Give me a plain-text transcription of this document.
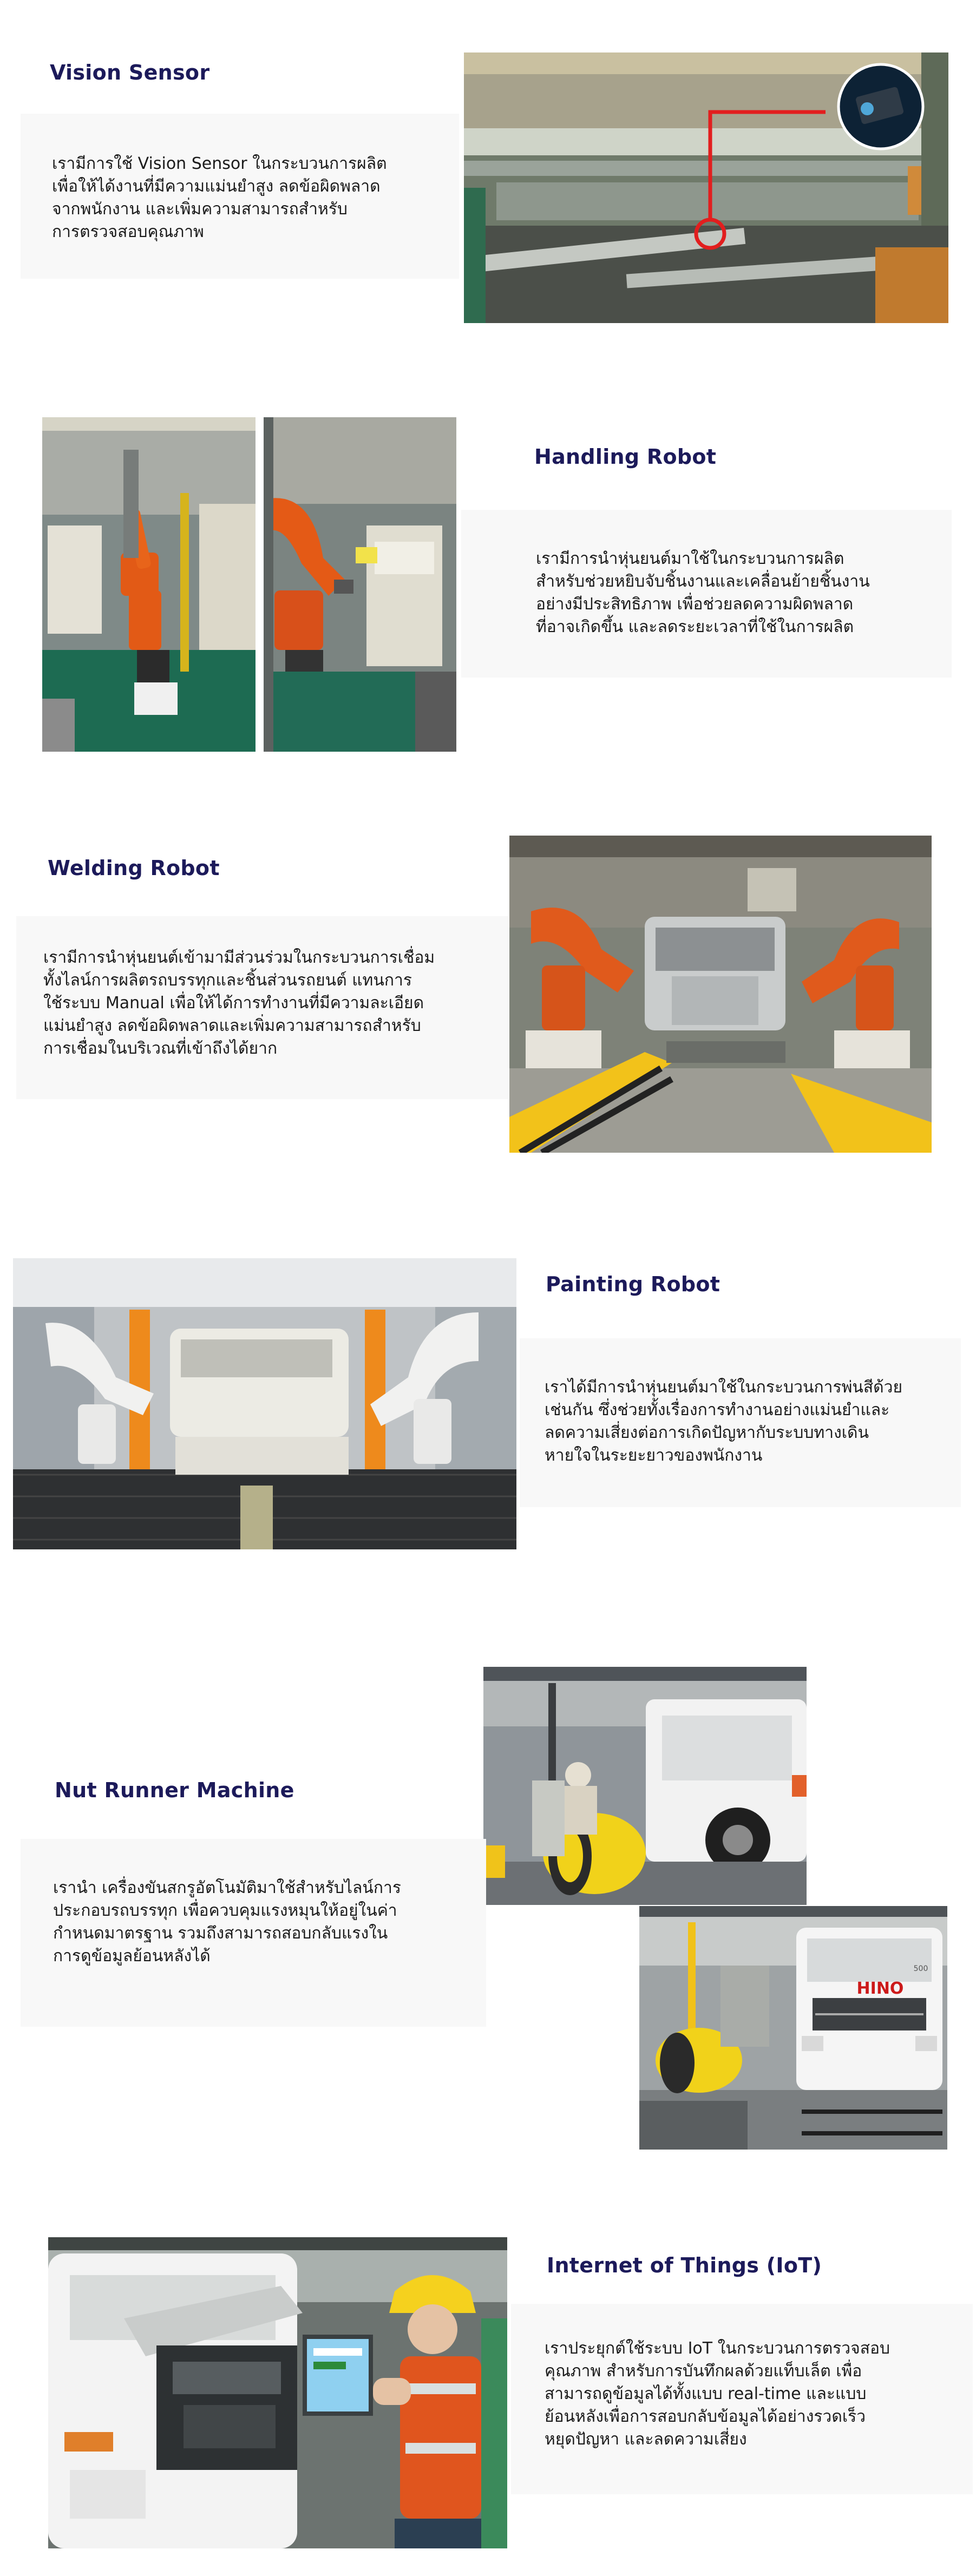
Vision Sensor

เรามีการใช้ Vision Sensor ในกระบวนการผลิต

เพื่อให้ได้งานที่มีความแม่นยำสูง ลดข้อผิดพลาด

จากพนักงาน และเพิ่มความสามารถสำหรับ

การตรวจสอบคุณภาพ

Handling Robot

เรามีการนำหุ่นยนต์มาใช้ในกระบวนการผลิต

สำหรับช่วยหยิบจับชิ้นงานและเคลื่อนย้ายชิ้นงาน

อย่างมีประสิทธิภาพ เพื่อช่วยลดความผิดพลาด

ที่อาจเกิดขึ้น และลดระยะเวลาที่ใช้ในการผลิต

Welding Robot

เรามีการนำหุ่นยนต์เข้ามามีส่วนร่วมในกระบวนการเชื่อม

ทั้งไลน์การผลิตรถบรรทุกและชิ้นส่วนรถยนต์ แทนการ

ใช้ระบบ Manual เพื่อให้ได้การทำงานที่มีความละเอียด

แม่นยำสูง ลดข้อผิดพลาดและเพิ่มความสามารถสำหรับ

การเชื่อมในบริเวณที่เข้าถึงได้ยาก

Painting Robot

เราได้มีการนำหุ่นยนต์มาใช้ในกระบวนการพ่นสีด้วย

เช่นกัน ซึ่งช่วยทั้งเรื่องการทำงานอย่างแม่นยำและ

ลดความเสี่ยงต่อการเกิดปัญหากับระบบทางเดิน

หายใจในระยะยาวของพนักงาน

Nut Runner Machine

เรานำ เครื่องขันสกรูอัตโนมัติมาใช้สำหรับไลน์การ

ประกอบรถบรรทุก เพื่อควบคุมแรงหมุนให้อยู่ในค่า

กำหนดมาตรฐาน รวมถึงสามารถสอบกลับแรงใน

การดูข้อมูลย้อนหลังได้

HINO
500
Internet of Things (IoT)

เราประยุกต์ใช้ระบบ IoT ในกระบวนการตรวจสอบ

คุณภาพ สำหรับการบันทึกผลด้วยแท็บเล็ต เพื่อ

สามารถดูข้อมูลได้ทั้งแบบ real-time และแบบ

ย้อนหลังเพื่อการสอบกลับข้อมูลได้อย่างรวดเร็ว

หยุดปัญหา และลดความเสี่ยง
